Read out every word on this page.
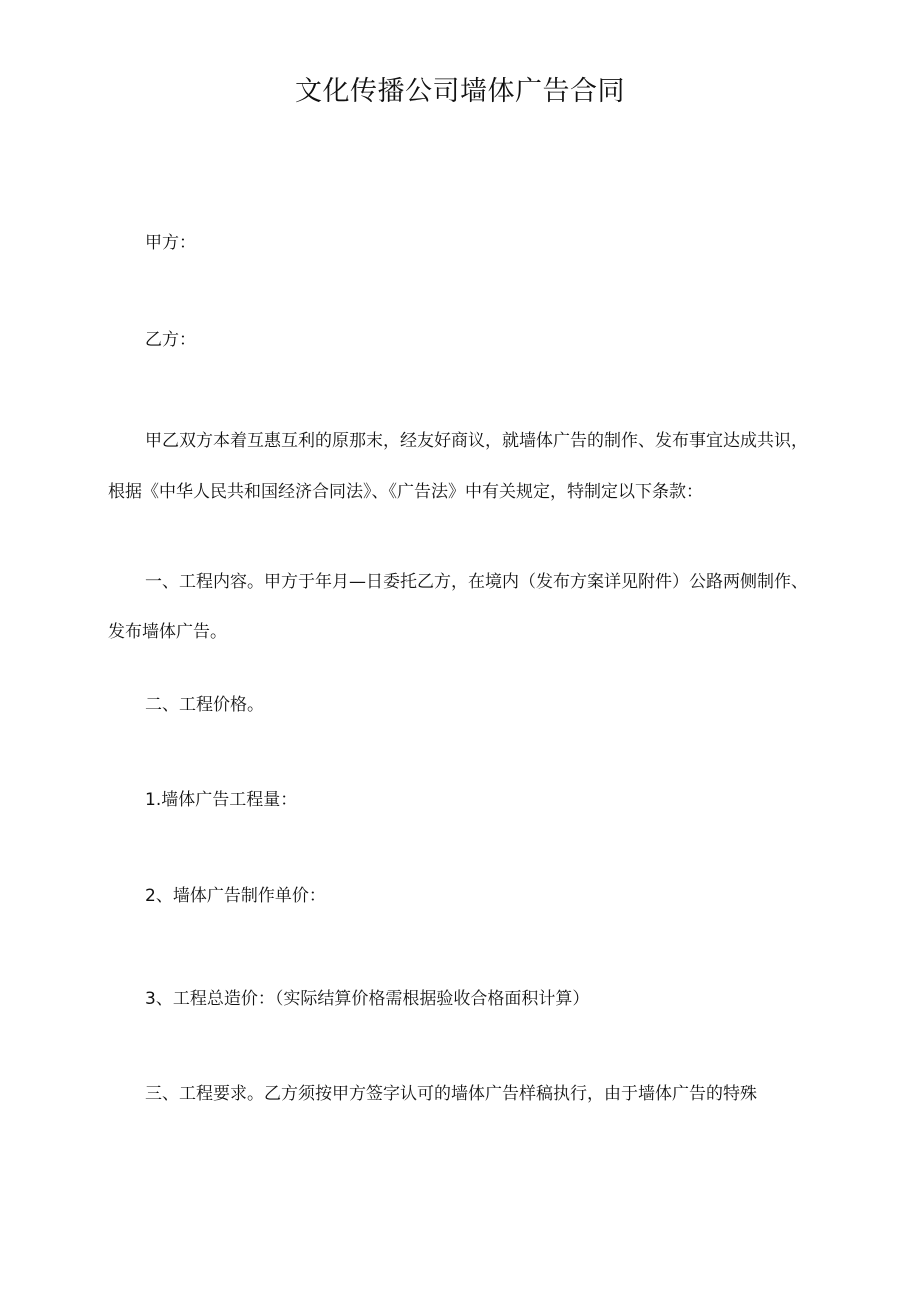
文化传播公司墙体广告合同
甲方：
乙方：
甲乙双方本着互惠互利的原那末，经友好商议，就墙体广告的制作、发布事宜达成共识，
根据《中华人民共和国经济合同法》、《广告法》中有关规定，特制定以下条款：
一、工程内容。甲方于年月—日委托乙方，在境内（发布方案详见附件）公路两侧制作、
发布墙体广告。
二、工程价格。
1.墙体广告工程量：
2、墙体广告制作单价：
3、工程总造价：（实际结算价格需根据验收合格面积计算）
三、工程要求。乙方须按甲方签字认可的墙体广告样稿执行，由于墙体广告的特殊
